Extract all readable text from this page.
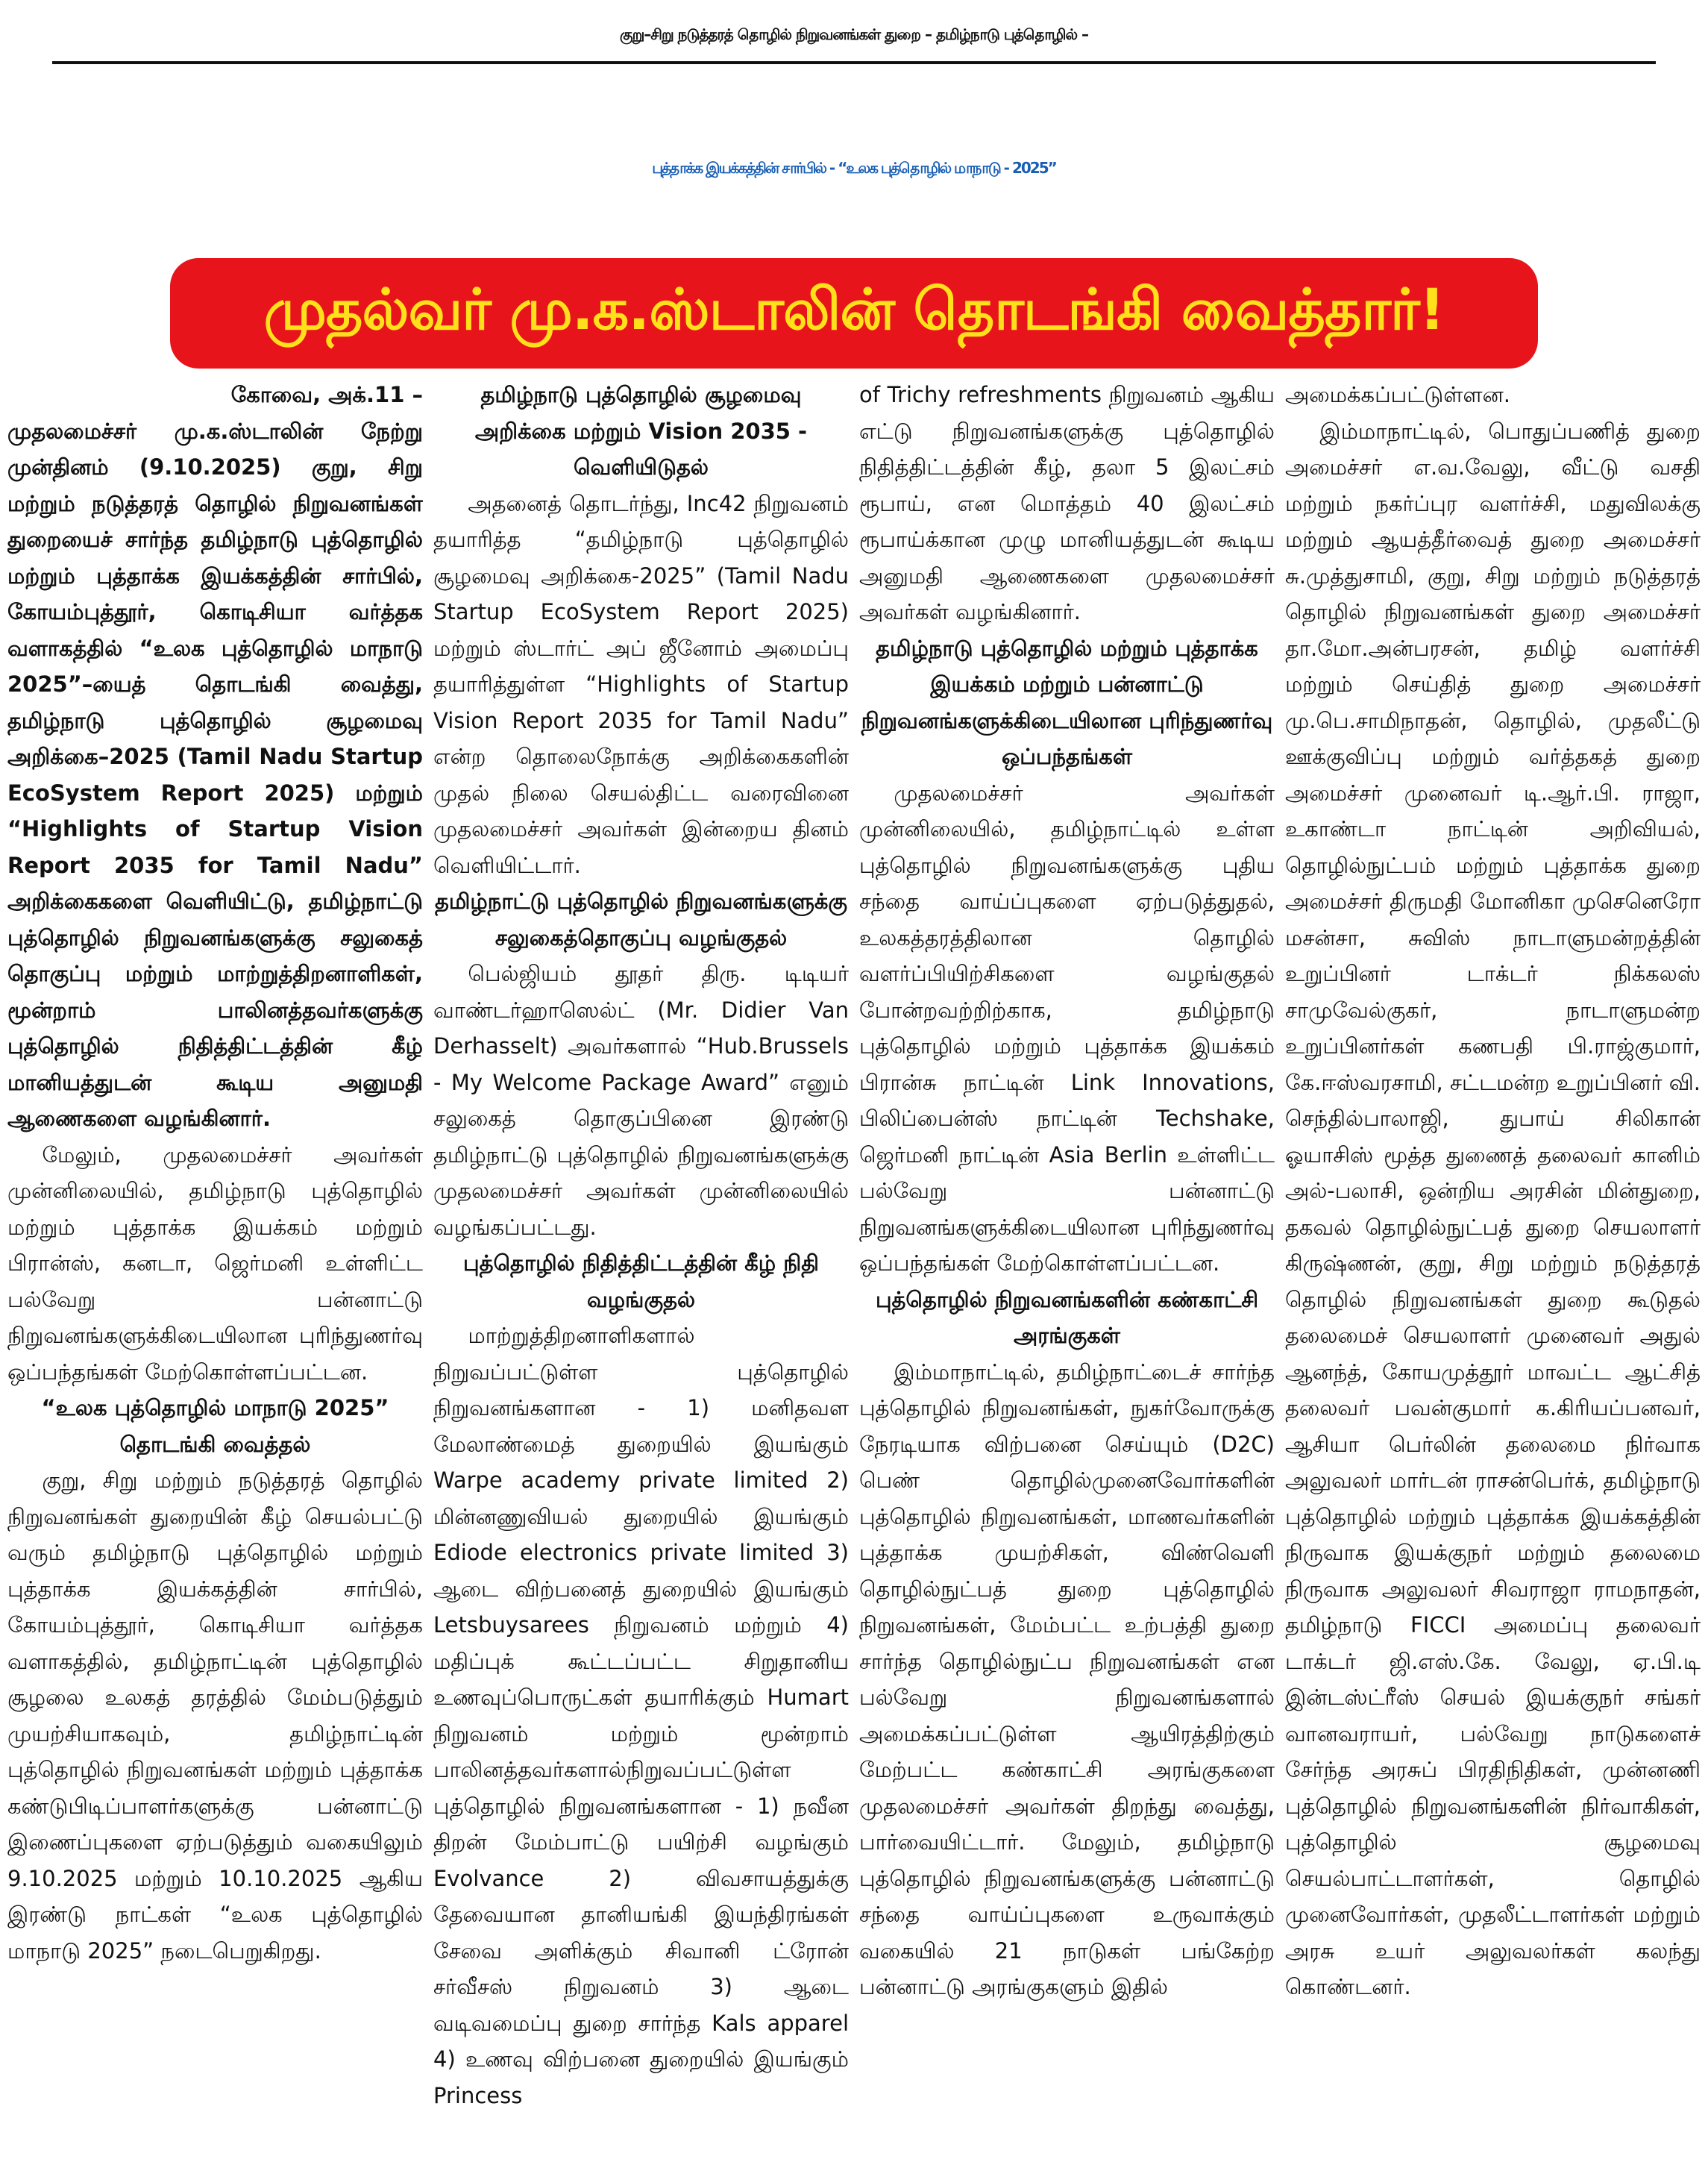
குறு–சிறு நடுத்தரத் தொழில் நிறுவனங்கள் துறை – தமிழ்நாடு புத்தொழில் –
புத்தாக்க இயக்கத்தின் சார்பில் - “உலக புத்தொழில் மாநாடு - 2025”
முதல்வர் மு.க.ஸ்டாலின் தொடங்கி வைத்தார்!

கோவை, அக்.11 –

முதலமைச்சர் மு.க.ஸ்டாலின் நேற்று முன்தினம் (9.10.2025) குறு, சிறு மற்றும் நடுத்தரத் தொழில் நிறுவனங்கள் துறையைச் சார்ந்த தமிழ்நாடு புத்தொழில் மற்றும் புத்தாக்க இயக்கத்தின் சார்பில், கோயம்புத்தூர், கொடிசியா வர்த்தக வளாகத்தில் “உலக புத்தொழில் மாநாடு 2025”–யைத் தொடங்கி வைத்து, தமிழ்நாடு புத்தொழில் சூழமைவு அறிக்கை–2025 (Tamil Nadu Startup EcoSystem Report 2025) மற்றும் “Highlights of Startup Vision Report 2035 for Tamil Nadu” அறிக்கைகளை வெளியிட்டு, தமிழ்நாட்டு புத்தொழில் நிறுவனங்களுக்கு சலுகைத் தொகுப்பு மற்றும் மாற்றுத்திறனாளிகள், மூன்றாம் பாலினத்தவர்களுக்கு புத்தொழில் நிதித்திட்டத்தின் கீழ் மானியத்துடன் கூடிய அனுமதி ஆணைகளை வழங்கினார்.

மேலும், முதலமைச்சர் அவர்கள் முன்னிலையில், தமிழ்நாடு புத்தொழில் மற்றும் புத்தாக்க இயக்கம் மற்றும் பிரான்ஸ், கனடா, ஜெர்மனி உள்ளிட்ட பல்வேறு பன்னாட்டு நிறுவனங்களுக்கிடையிலான புரிந்துணர்வு ஒப்பந்தங்கள் மேற்கொள்ளப்பட்டன.

“உலக புத்தொழில் மாநாடு 2025” தொடங்கி வைத்தல்

குறு, சிறு மற்றும் நடுத்தரத் தொழில் நிறுவனங்கள் துறையின் கீழ் செயல்பட்டு வரும் தமிழ்நாடு புத்தொழில் மற்றும் புத்தாக்க இயக்கத்தின் சார்பில், கோயம்புத்தூர், கொடிசியா வர்த்தக வளாகத்தில், தமிழ்நாட்டின் புத்தொழில் சூழலை உலகத் தரத்தில் மேம்படுத்தும் முயற்சியாகவும், தமிழ்நாட்டின் புத்தொழில் நிறுவனங்கள் மற்றும் புத்தாக்க கண்டுபிடிப்பாளர்களுக்கு பன்னாட்டு இணைப்புகளை ஏற்படுத்தும் வகையிலும் 9.10.2025 மற்றும் 10.10.2025 ஆகிய இரண்டு நாட்கள் “உலக புத்தொழில் மாநாடு 2025” நடைபெறுகிறது.

தமிழ்நாடு புத்தொழில் சூழமைவு அறிக்கை மற்றும் Vision 2035 - வெளியிடுதல்

அதனைத் தொடர்ந்து, Inc42 நிறுவனம் தயாரித்த “தமிழ்நாடு புத்தொழில் சூழமைவு அறிக்கை-2025” (Tamil Nadu Startup EcoSystem Report 2025) மற்றும் ஸ்டார்ட் அப் ஜீனோம் அமைப்பு தயாரித்துள்ள “Highlights of Startup Vision Report 2035 for Tamil Nadu” என்ற தொலைநோக்கு அறிக்கைகளின் முதல் நிலை செயல்திட்ட வரைவினை முதலமைச்சர் அவர்கள் இன்றைய தினம் வெளியிட்டார்.

தமிழ்நாட்டு புத்தொழில் நிறுவனங்களுக்கு சலுகைத்தொகுப்பு வழங்குதல்

பெல்ஜியம் தூதர் திரு. டிடியர் வாண்டர்ஹாஸெல்ட் (Mr. Didier Van Derhasselt) அவர்களால் “Hub.Brussels - My Welcome Package Award” எனும் சலுகைத் தொகுப்பினை இரண்டு தமிழ்நாட்டு புத்தொழில் நிறுவனங்களுக்கு முதலமைச்சர் அவர்கள் முன்னிலையில் வழங்கப்பட்டது.

புத்தொழில் நிதித்திட்டத்தின் கீழ் நிதி வழங்குதல்

மாற்றுத்திறனாளிகளால் நிறுவப்பட்டுள்ள புத்தொழில் நிறுவனங்களான - 1) மனிதவள மேலாண்மைத் துறையில் இயங்கும் Warpe academy private limited 2) மின்னணுவியல் துறையில் இயங்கும் Ediode electronics private limited 3) ஆடை விற்பனைத் துறையில் இயங்கும் Letsbuysarees நிறுவனம் மற்றும் 4) மதிப்புக் கூட்டப்பட்ட சிறுதானிய உணவுப்பொருட்கள் தயாரிக்கும் Humart நிறுவனம் மற்றும் மூன்றாம் பாலினத்தவர்களால்நிறுவப்பட்டுள்ள புத்தொழில் நிறுவனங்களான - 1) நவீன திறன் மேம்பாட்டு பயிற்சி வழங்கும் Evolvance 2) விவசாயத்துக்கு தேவையான தானியங்கி இயந்திரங்கள் சேவை அளிக்கும் சிவானி ட்ரோன் சர்வீசஸ் நிறுவனம் 3) ஆடை வடிவமைப்பு துறை சார்ந்த Kals apparel 4) உணவு விற்பனை துறையில் இயங்கும் Princess

of Trichy refreshments நிறுவனம் ஆகிய எட்டு நிறுவனங்களுக்கு புத்தொழில் நிதித்திட்டத்தின் கீழ், தலா 5 இலட்சம் ரூபாய், என மொத்தம் 40 இலட்சம் ரூபாய்க்கான முழு மானியத்துடன் கூடிய அனுமதி ஆணைகளை முதலமைச்சர் அவர்கள் வழங்கினார்.

தமிழ்நாடு புத்தொழில் மற்றும் புத்தாக்க இயக்கம் மற்றும் பன்னாட்டு நிறுவனங்களுக்கிடையிலான புரிந்துணர்வு ஒப்பந்தங்கள்

முதலமைச்சர் அவர்கள் முன்னிலையில், தமிழ்நாட்டில் உள்ள புத்தொழில் நிறுவனங்களுக்கு புதிய சந்தை வாய்ப்புகளை ஏற்படுத்துதல், உலகத்தரத்திலான தொழில் வளர்ப்பியிற்சிகளை வழங்குதல் போன்றவற்றிற்காக, தமிழ்நாடு புத்தொழில் மற்றும் புத்தாக்க இயக்கம் பிரான்சு நாட்டின் Link Innovations, பிலிப்பைன்ஸ் நாட்டின் Techshake, ஜெர்மனி நாட்டின் Asia Berlin உள்ளிட்ட பல்வேறு பன்னாட்டு நிறுவனங்களுக்கிடையிலான புரிந்துணர்வு ஒப்பந்தங்கள் மேற்கொள்ளப்பட்டன.

புத்தொழில் நிறுவனங்களின் கண்காட்சி அரங்குகள்

இம்மாநாட்டில், தமிழ்நாட்டைச் சார்ந்த புத்தொழில் நிறுவனங்கள், நுகர்வோருக்கு நேரடியாக விற்பனை செய்யும் (D2C) பெண் தொழில்முனைவோர்களின் புத்தொழில் நிறுவனங்கள், மாணவர்களின் புத்தாக்க முயற்சிகள், விண்வெளி தொழில்நுட்பத் துறை புத்தொழில் நிறுவனங்கள், மேம்பட்ட உற்பத்தி துறை சார்ந்த தொழில்நுட்ப நிறுவனங்கள் என பல்வேறு நிறுவனங்களால் அமைக்கப்பட்டுள்ள ஆயிரத்திற்கும் மேற்பட்ட கண்காட்சி அரங்குகளை முதலமைச்சர் அவர்கள் திறந்து வைத்து, பார்வையிட்டார். மேலும், தமிழ்நாடு புத்தொழில் நிறுவனங்களுக்கு பன்னாட்டு சந்தை வாய்ப்புகளை உருவாக்கும் வகையில் 21 நாடுகள் பங்கேற்ற பன்னாட்டு அரங்குகளும் இதில்

அமைக்கப்பட்டுள்ளன.

இம்மாநாட்டில், பொதுப்பணித் துறை அமைச்சர் எ.வ.வேலு, வீட்டு வசதி மற்றும் நகர்ப்புர வளர்ச்சி, மதுவிலக்கு மற்றும் ஆயத்தீர்வைத் துறை அமைச்சர் சு.முத்துசாமி, குறு, சிறு மற்றும் நடுத்தரத் தொழில் நிறுவனங்கள் துறை அமைச்சர் தா.மோ.அன்பரசன், தமிழ் வளர்ச்சி மற்றும் செய்தித் துறை அமைச்சர் மு.பெ.சாமிநாதன், தொழில், முதலீட்டு ஊக்குவிப்பு மற்றும் வர்த்தகத் துறை அமைச்சர் முனைவர் டி.ஆர்.பி. ராஜா, உகாண்டா நாட்டின் அறிவியல், தொழில்நுட்பம் மற்றும் புத்தாக்க துறை அமைச்சர் திருமதி மோனிகா முசெனெரோ மசன்சா, சுவிஸ் நாடாளுமன்றத்தின் உறுப்பினர் டாக்டர் நிக்கலஸ் சாமுவேல்குகர், நாடாளுமன்ற உறுப்பினர்கள் கணபதி பி.ராஜ்குமார், கே.ஈஸ்வரசாமி, சட்டமன்ற உறுப்பினர் வி. செந்தில்பாலாஜி, துபாய் சிலிகான் ஓயாசிஸ் மூத்த துணைத் தலைவர் கானிம் அல்-பலாசி, ஒன்றிய அரசின் மின்துறை, தகவல் தொழில்நுட்பத் துறை செயலாளர் கிருஷ்ணன், குறு, சிறு மற்றும் நடுத்தரத் தொழில் நிறுவனங்கள் துறை கூடுதல் தலைமைச் செயலாளர் முனைவர் அதுல் ஆனந்த், கோயமுத்தூர் மாவட்ட ஆட்சித் தலைவர் பவன்குமார் க.கிரியப்பனவர், ஆசியா பெர்லின் தலைமை நிர்வாக அலுவலர் மார்டன் ராசன்பெர்க், தமிழ்நாடு புத்தொழில் மற்றும் புத்தாக்க இயக்கத்தின் நிருவாக இயக்குநர் மற்றும் தலைமை நிருவாக அலுவலர் சிவராஜா ராமநாதன், தமிழ்நாடு FICCI அமைப்பு தலைவர் டாக்டர் ஜி.எஸ்.கே. வேலு, ஏ.பி.டி இன்டஸ்ட்ரீஸ் செயல் இயக்குநர் சங்கர் வானவராயர், பல்வேறு நாடுகளைச் சேர்ந்த அரசுப் பிரதிநிதிகள், முன்னணி புத்தொழில் நிறுவனங்களின் நிர்வாகிகள், புத்தொழில் சூழமைவு செயல்பாட்டாளர்கள், தொழில் முனைவோர்கள், முதலீட்டாளர்கள் மற்றும் அரசு உயர் அலுவலர்கள் கலந்து கொண்டனர்.
